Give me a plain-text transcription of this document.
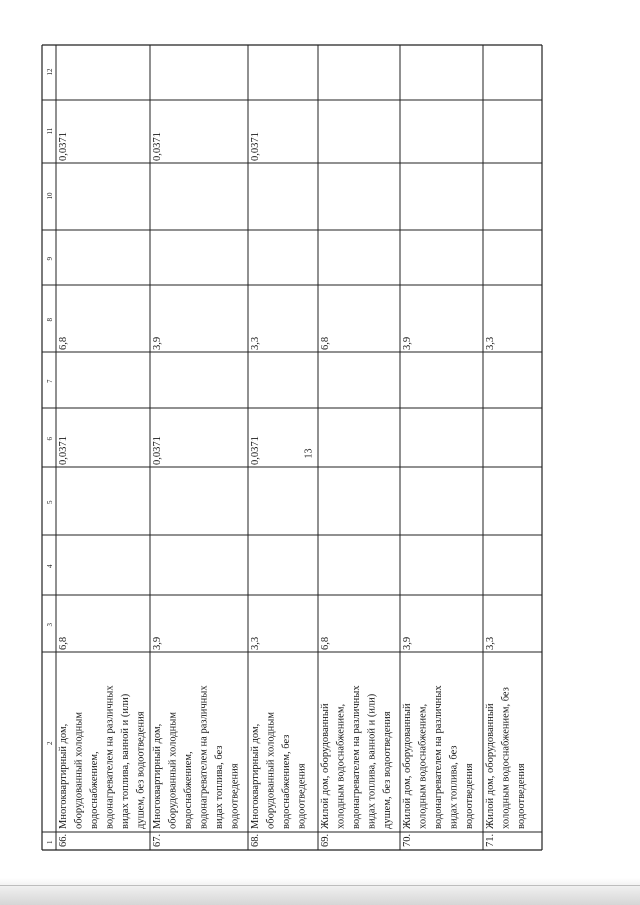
13
1
2
3
4
5
6
7
8
9
10
11
12
66.
Многоквартирный дом, оборудованный холодным водоснабжением, водонагревателем на различных видах топлива, ванной и (или) душем, без водоотведения
6,8
0,0371
6,8
0,0371
67.
Многоквартирный дом, оборудованный холодным водоснабжением, водонагревателем на различных видах топлива, без водоотведения
3,9
0,0371
3,9
0,0371
68.
Многоквартирный дом, оборудованный холодным водоснабжением, без водоотведения
3,3
0,0371
3,3
0,0371
69.
Жилой дом, оборудованный холодным водоснабжением, водонагревателем на различных видах топлива, ванной и (или) душем, без водоотведения
6,8
6,8
70.
Жилой дом, оборудованный холодным водоснабжением, водонагревателем на различных видах топлива, без водоотведения
3,9
3,9
71.
Жилой дом, оборудованный холодным водоснабжением, без водоотведения
3,3
3,3
